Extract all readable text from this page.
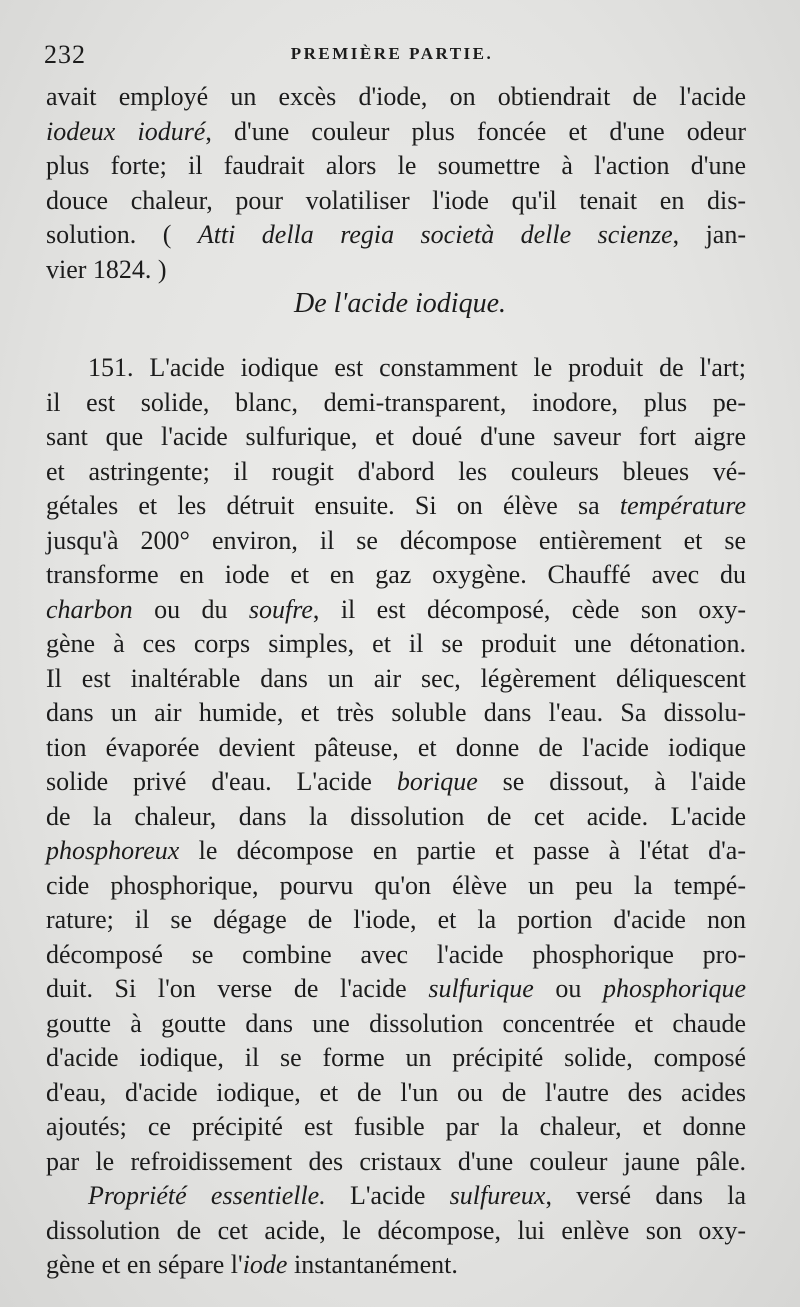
232	PREMIÈRE PARTIE.
avait employé un excès d'iode, on obtiendrait de l'acide
iodeux ioduré, d'une couleur plus foncée et d'une odeur
plus forte; il faudrait alors le soumettre à l'action d'une
douce chaleur, pour volatiliser l'iode qu'il tenait en dis-
solution. ( Atti della regia società delle scienze, jan-
vier 1824. )
De l'acide iodique.
151. L'acide iodique est constamment le produit de l'art;
il est solide, blanc, demi-transparent, inodore, plus pe-
sant que l'acide sulfurique, et doué d'une saveur fort aigre
et astringente; il rougit d'abord les couleurs bleues vé-
gétales et les détruit ensuite. Si on élève sa température
jusqu'à 200° environ, il se décompose entièrement et se
transforme en iode et en gaz oxygène. Chauffé avec du
charbon ou du soufre, il est décomposé, cède son oxy-
gène à ces corps simples, et il se produit une détonation.
Il est inaltérable dans un air sec, légèrement déliquescent
dans un air humide, et très soluble dans l'eau. Sa dissolu-
tion évaporée devient pâteuse, et donne de l'acide iodique
solide privé d'eau. L'acide borique se dissout, à l'aide
de la chaleur, dans la dissolution de cet acide. L'acide
phosphoreux le décompose en partie et passe à l'état d'a-
cide phosphorique, pourvu qu'on élève un peu la tempé-
rature; il se dégage de l'iode, et la portion d'acide non
décomposé se combine avec l'acide phosphorique pro-
duit. Si l'on verse de l'acide sulfurique ou phosphorique
goutte à goutte dans une dissolution concentrée et chaude
d'acide iodique, il se forme un précipité solide, composé
d'eau, d'acide iodique, et de l'un ou de l'autre des acides
ajoutés; ce précipité est fusible par la chaleur, et donne
par le refroidissement des cristaux d'une couleur jaune pâle.
Propriété essentielle. L'acide sulfureux, versé dans la
dissolution de cet acide, le décompose, lui enlève son oxy-
gène et en sépare l'iode instantanément.
